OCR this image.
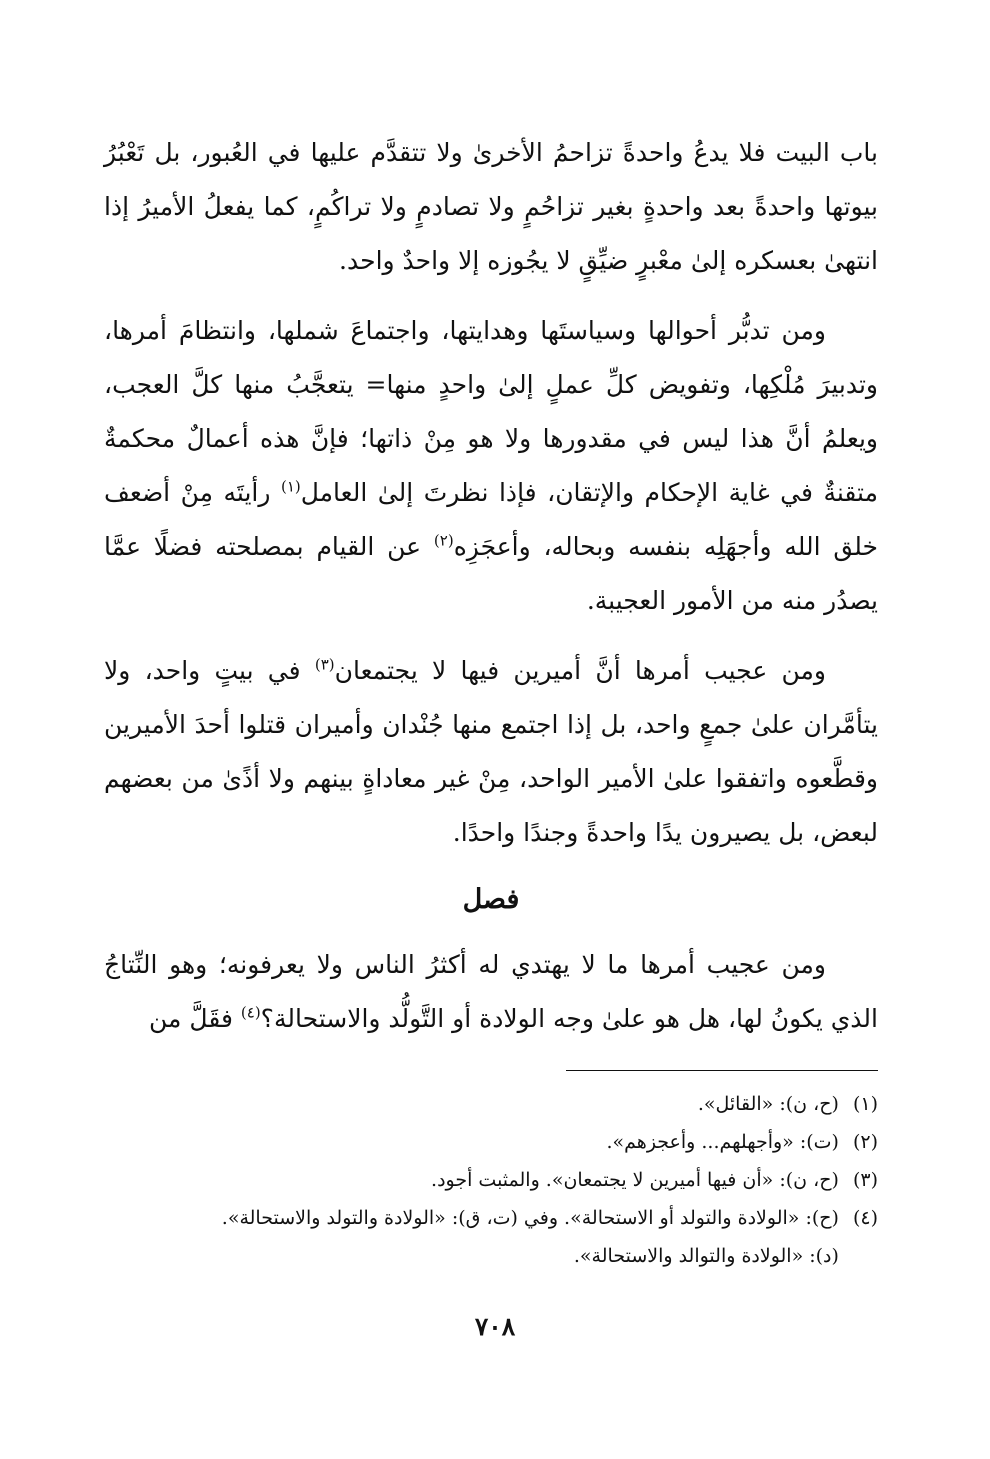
باب البيت فلا يدعُ واحدةً تزاحمُ الأخرىٰ ولا تتقدَّم عليها في العُبور، بل تَعْبُرُ بيوتها واحدةً بعد واحدةٍ بغير تزاحُمٍ ولا تصادمٍ ولا تراكُمٍ، كما يفعلُ الأميرُ إذا انتهىٰ بعسكره إلىٰ معْبرٍ ضيِّقٍ لا يجُوزه إلا واحدٌ واحد.

ومن تدبُّر أحوالها وسياستَها وهدايتها، واجتماعَ شملها، وانتظامَ أمرها، وتدبيرَ مُلْكِها، وتفويض كلِّ عملٍ إلىٰ واحدٍ منها= يتعجَّبُ منها كلَّ العجب، ويعلمُ أنَّ هذا ليس في مقدورها ولا هو مِنْ ذاتها؛ فإنَّ هذه أعمالٌ محكمةٌ متقنةٌ في غاية الإحكام والإتقان، فإذا نظرتَ إلىٰ العامل$^{(١)}$ رأيتَه مِنْ أضعف خلق الله وأجهَلِه بنفسه وبحاله، وأعجَزِه$^{(٢)}$ عن القيام بمصلحته فضلًا عمَّا يصدُر منه من الأمور العجيبة.

ومن عجيب أمرها أنَّ أميرين فيها لا يجتمعان$^{(٣)}$ في بيتٍ واحد، ولا يتأمَّران علىٰ جمعٍ واحد، بل إذا اجتمع منها جُنْدان وأميران قتلوا أحدَ الأميرين وقطَّعوه واتفقوا علىٰ الأمير الواحد، مِنْ غير معاداةٍ بينهم ولا أذًىٰ من بعضهم لبعض، بل يصيرون يدًا واحدةً وجندًا واحدًا.

فصل

ومن عجيب أمرها ما لا يهتدي له أكثرُ الناس ولا يعرفونه؛ وهو النِّتاجُ الذي يكونُ لها، هل هو علىٰ وجه الولادة أو التَّولُّد والاستحالة؟$^{(٤)}$ فقَلَّ من

(١)
(ح، ن): «القائل».
(٢)
(ت): «وأجهلهم... وأعجزهم».
(٣)
(ح، ن): «أن فيها أميرين لا يجتمعان». والمثبت أجود.
(٤)
(ح): «الولادة والتولد أو الاستحالة». وفي (ت، ق): «الولادة والتولد والاستحالة».
(د): «الولادة والتوالد والاستحالة».
٧٠٨
